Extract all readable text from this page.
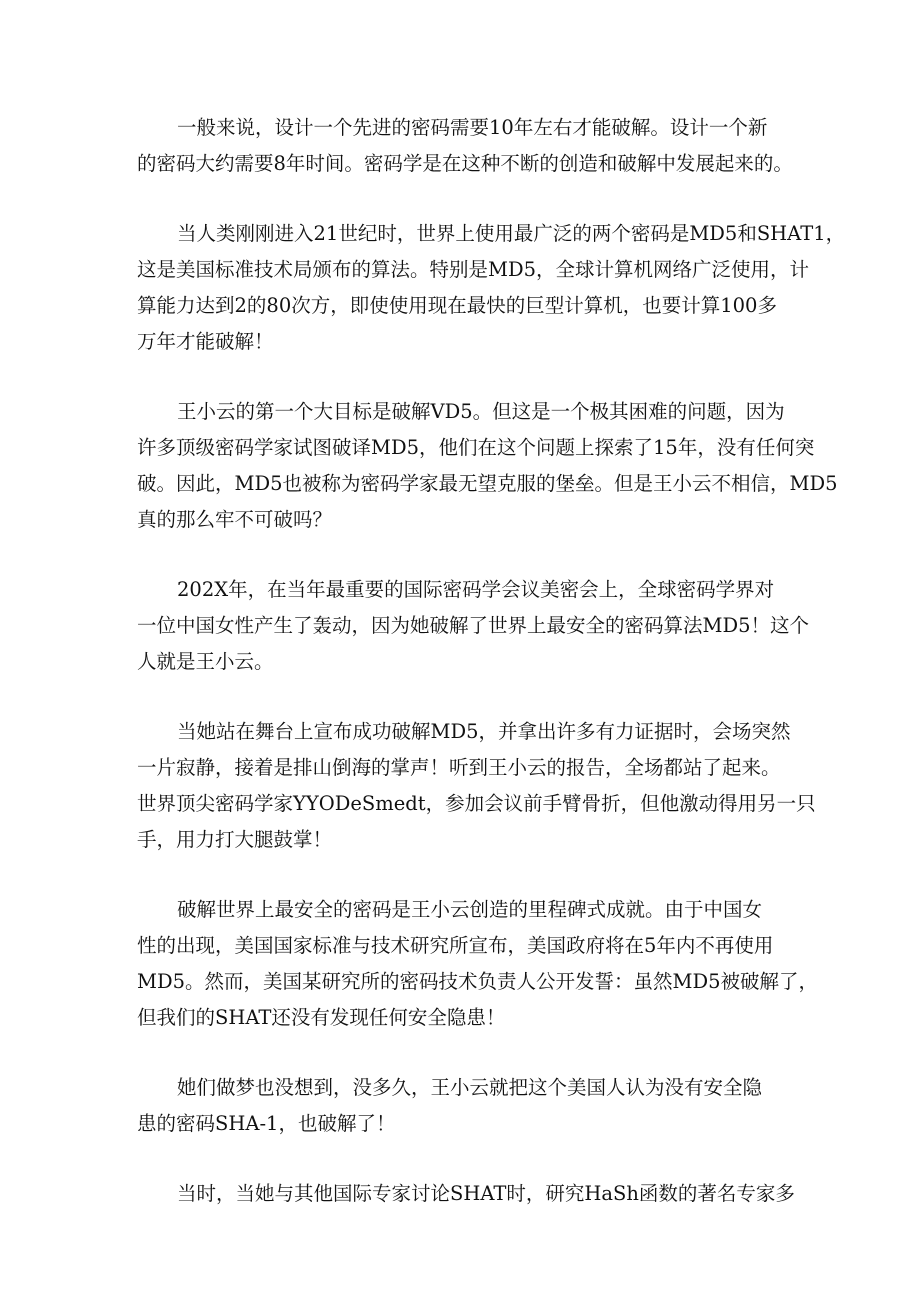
一般来说，设计一个先进的密码需要10年左右才能破解。设计一个新
的密码大约需要8年时间。密码学是在这种不断的创造和破解中发展起来的。
当人类刚刚进入21世纪时，世界上使用最广泛的两个密码是MD5和SHAT1，
这是美国标准技术局颁布的算法。特别是MD5，全球计算机网络广泛使用，计
算能力达到2的80次方，即使使用现在最快的巨型计算机，也要计算100多
万年才能破解！
王小云的第一个大目标是破解VD5。但这是一个极其困难的问题，因为
许多顶级密码学家试图破译MD5，他们在这个问题上探索了15年，没有任何突
破。因此，MD5也被称为密码学家最无望克服的堡垒。但是王小云不相信，MD5
真的那么牢不可破吗？
202X年，在当年最重要的国际密码学会议美密会上，全球密码学界对
一位中国女性产生了轰动，因为她破解了世界上最安全的密码算法MD5！这个
人就是王小云。
当她站在舞台上宣布成功破解MD5，并拿出许多有力证据时，会场突然
一片寂静，接着是排山倒海的掌声！听到王小云的报告，全场都站了起来。
世界顶尖密码学家YYODeSmedt，参加会议前手臂骨折，但他激动得用另一只
手，用力打大腿鼓掌！
破解世界上最安全的密码是王小云创造的里程碑式成就。由于中国女
性的出现，美国国家标准与技术研究所宣布，美国政府将在5年内不再使用
MD5。然而，美国某研究所的密码技术负责人公开发誓：虽然MD5被破解了，
但我们的SHAT还没有发现任何安全隐患！
她们做梦也没想到，没多久，王小云就把这个美国人认为没有安全隐
患的密码SHA-1，也破解了！
当时，当她与其他国际专家讨论SHAT时，研究HaSh函数的著名专家多
